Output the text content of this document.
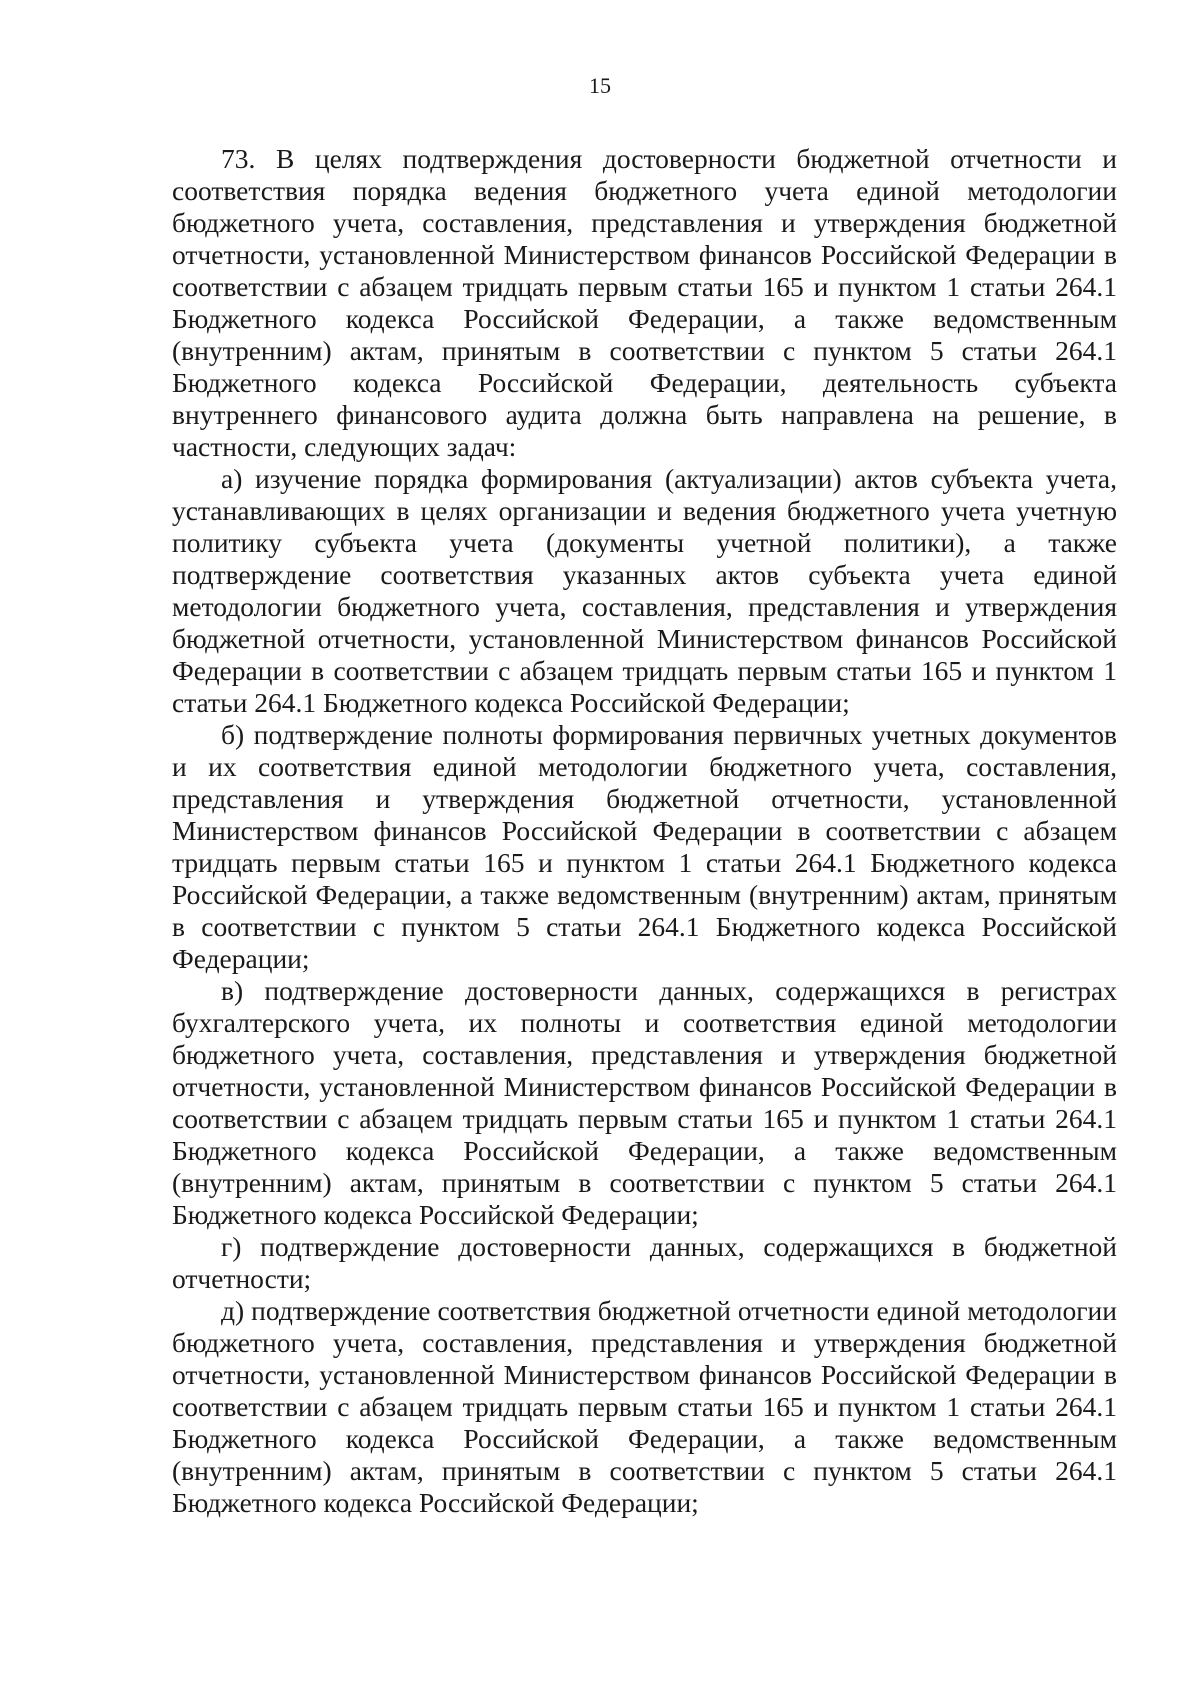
15

73. В целях подтверждения достоверности бюджетной отчетности и соответствия порядка ведения бюджетного учета единой методологии бюджетного учета, составления, представления и утверждения бюджетной отчетности, установленной Министерством финансов Российской Федерации в соответствии с абзацем тридцать первым статьи 165 и пунктом 1 статьи 264.1 Бюджетного кодекса Российской Федерации, а также ведомственным (внутренним) актам, принятым в соответствии с пунктом 5 статьи 264.1 Бюджетного кодекса Российской Федерации, деятельность субъекта внутреннего финансового аудита должна быть направлена на решение, в частности, следующих задач:

а) изучение порядка формирования (актуализации) актов субъекта учета, устанавливающих в целях организации и ведения бюджетного учета учетную политику субъекта учета (документы учетной политики), а также подтверждение соответствия указанных актов субъекта учета единой методологии бюджетного учета, составления, представления и утверждения бюджетной отчетности, установленной Министерством финансов Российской Федерации в соответствии с абзацем тридцать первым статьи 165 и пунктом 1 статьи 264.1 Бюджетного кодекса Российской Федерации;

б) подтверждение полноты формирования первичных учетных документов и их соответствия единой методологии бюджетного учета, составления, представления и утверждения бюджетной отчетности, установленной Министерством финансов Российской Федерации в соответствии с абзацем тридцать первым статьи 165 и пунктом 1 статьи 264.1 Бюджетного кодекса Российской Федерации, а также ведомственным (внутренним) актам, принятым в соответствии с пунктом 5 статьи 264.1 Бюджетного кодекса Российской Федерации;

в) подтверждение достоверности данных, содержащихся в регистрах бухгалтерского учета, их полноты и соответствия единой методологии бюджетного учета, составления, представления и утверждения бюджетной отчетности, установленной Министерством финансов Российской Федерации в соответствии с абзацем тридцать первым статьи 165 и пунктом 1 статьи 264.1 Бюджетного кодекса Российской Федерации, а также ведомственным (внутренним) актам, принятым в соответствии с пунктом 5 статьи 264.1 Бюджетного кодекса Российской Федерации;

г) подтверждение достоверности данных, содержащихся в бюджетной отчетности;

д) подтверждение соответствия бюджетной отчетности единой методологии бюджетного учета, составления, представления и утверждения бюджетной отчетности, установленной Министерством финансов Российской Федерации в соответствии с абзацем тридцать первым статьи 165 и пунктом 1 статьи 264.1 Бюджетного кодекса Российской Федерации, а также ведомственным (внутренним) актам, принятым в соответствии с пунктом 5 статьи 264.1 Бюджетного кодекса Российской Федерации;
